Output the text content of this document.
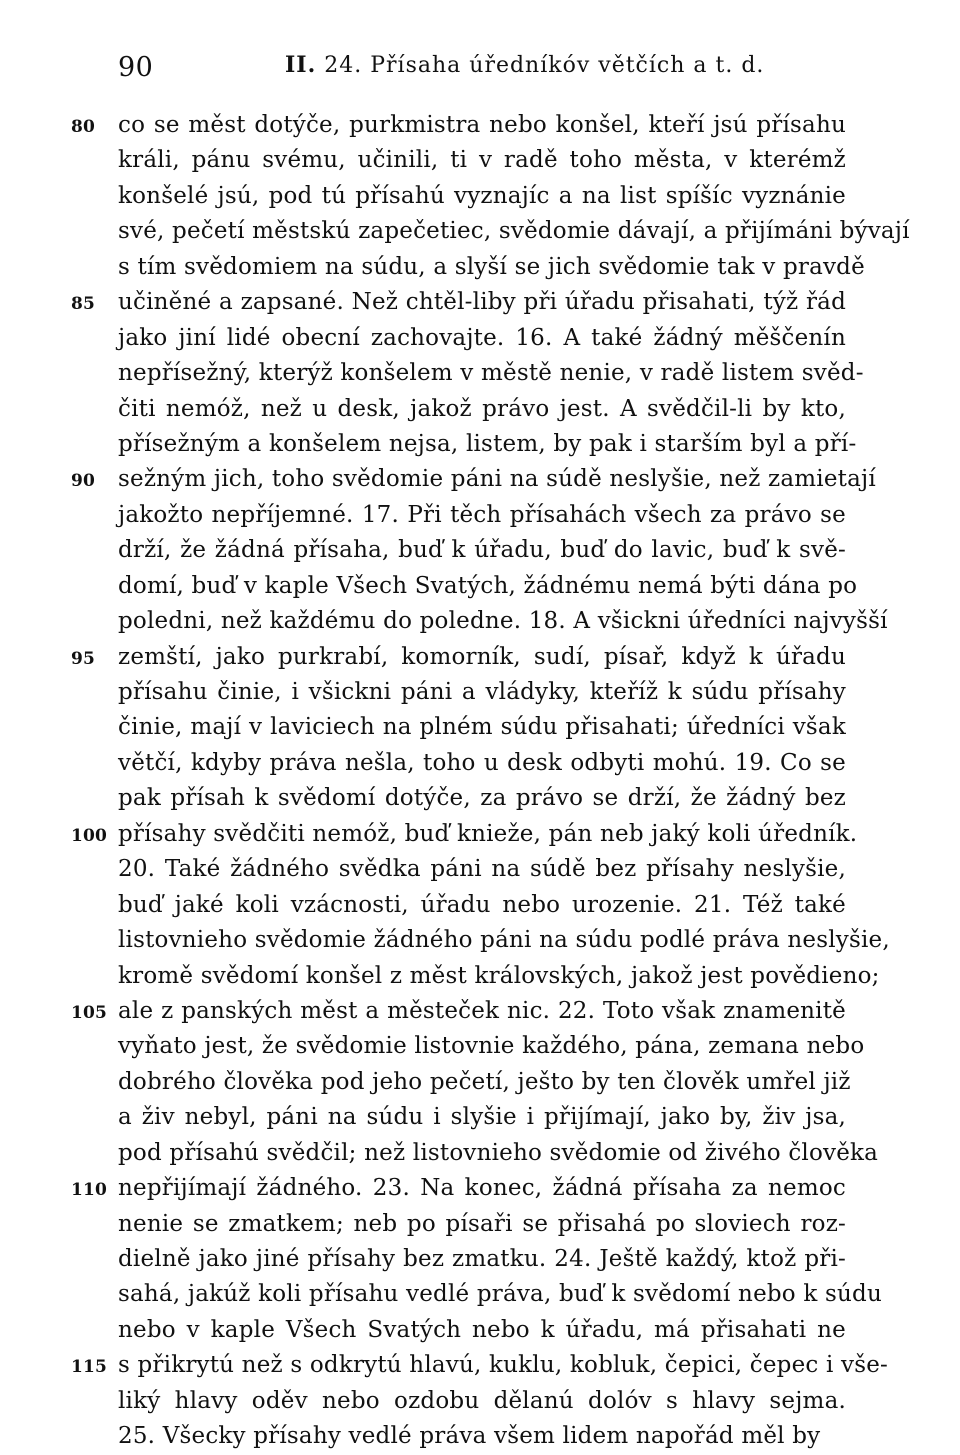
90	II. 24. Přísaha úředníkóv větčích a t. d.
80 co se měst dotýče, purkmistra nebo konšel, kteří jsú přísahu
králi, pánu svému, učinili, ti v radě toho města, v kterémž
konšelé jsú, pod tú přísahú vyznajíc a na list spíšíc vyznánie
své, pečetí městskú zapečetiec, svědomie dávají, a přijímáni bývají
s tím svědomiem na súdu, a slyší se jich svědomie tak v pravdě
85 učiněné a zapsané. Než chtěl-liby při úřadu přisahati, týž řád
jako jiní lidé obecní zachovajte. 16. A také žádný měščenín
nepřísežný, kterýž konšelem v městě nenie, v radě listem svěd-
čiti nemóž, než u desk, jakož právo jest. A svědčil-li by kto,
přísežným a konšelem nejsa, listem, by pak i starším byl a pří-
90 sežným jich, toho svědomie páni na súdě neslyšie, než zamietají
jakožto nepříjemné. 17. Při těch přísahách všech za právo se
drží, že žádná přísaha, buď k úřadu, buď do lavic, buď k svě-
domí, buď v kaple Všech Svatých, žádnému nemá býti dána po
poledni, než každému do poledne. 18. A všickni úředníci najvyšší
95 zemští, jako purkrabí, komorník, sudí, písař, když k úřadu
přísahu činie, i všickni páni a vládyky, kteříž k súdu přísahy
činie, mají v laviciech na plném súdu přisahati; úředníci však
větčí, kdyby práva nešla, toho u desk odbyti mohú. 19. Co se
pak přísah k svědomí dotýče, za právo se drží, že žádný bez
100 přísahy svědčiti nemóž, buď knieže, pán neb jaký koli úředník.
20. Také žádného svědka páni na súdě bez přísahy neslyšie,
buď jaké koli vzácnosti, úřadu nebo urozenie. 21. Též také
listovnieho svědomie žádného páni na súdu podlé práva neslyšie,
kromě svědomí konšel z měst královských, jakož jest povědieno;
105 ale z panských měst a městeček nic. 22. Toto však znamenitě
vyňato jest, že svědomie listovnie každého, pána, zemana nebo
dobrého člověka pod jeho pečetí, ješto by ten člověk umřel již
a živ nebyl, páni na súdu i slyšie i přijímají, jako by, živ jsa,
pod přísahú svědčil; než listovnieho svědomie od živého člověka
110 nepřijímají žádného. 23. Na konec, žádná přísaha za nemoc
nenie se zmatkem; neb po písaři se přisahá po sloviech roz-
dielně jako jiné přísahy bez zmatku. 24. Ještě každý, ktož při-
sahá, jakúž koli přísahu vedlé práva, buď k svědomí nebo k súdu
nebo v kaple Všech Svatých nebo k úřadu, má přisahati ne
115 s přikrytú než s odkrytú hlavú, kuklu, kobluk, čepici, čepec i vše-
liký hlavy oděv nebo ozdobu dělanú dolóv s hlavy sejma.
25. Všecky přísahy vedlé práva všem lidem napořád měl by
